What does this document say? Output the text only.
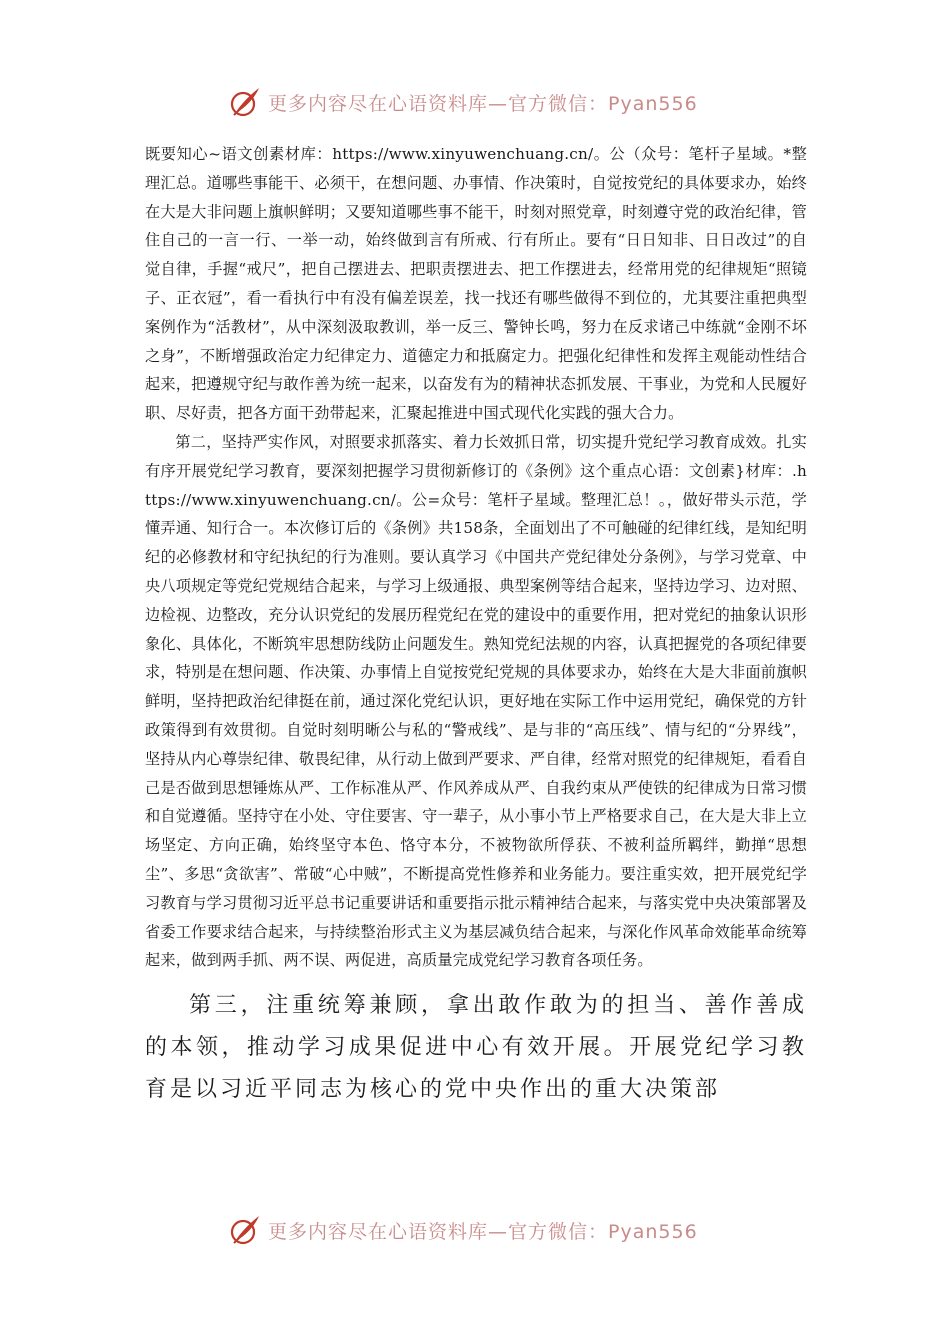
更多内容尽在心语资料库—官方微信：Pyan556

既要知心~语文创素材库：https://www.xinyuwenchuang.cn/。公（众号：笔杆子星域。*整理汇总。道哪些事能干、必须干，在想问题、办事情、作决策时，自觉按党纪的具体要求办，始终在大是大非问题上旗帜鲜明；又要知道哪些事不能干，时刻对照党章，时刻遵守党的政治纪律，管住自己的一言一行、一举一动，始终做到言有所戒、行有所止。要有“日日知非、日日改过”的自觉自律，手握“戒尺”，把自己摆进去、把职责摆进去、把工作摆进去，经常用党的纪律规矩“照镜子、正衣冠”，看一看执行中有没有偏差误差，找一找还有哪些做得不到位的，尤其要注重把典型案例作为“活教材”，从中深刻汲取教训，举一反三、警钟长鸣，努力在反求诸己中练就“金刚不坏之身”，不断增强政治定力纪律定力、道德定力和抵腐定力。把强化纪律性和发挥主观能动性结合起来，把遵规守纪与敢作善为统一起来，以奋发有为的精神状态抓发展、干事业，为党和人民履好职、尽好责，把各方面干劲带起来，汇聚起推进中国式现代化实践的强大合力。

第二，坚持严实作风，对照要求抓落实、着力长效抓日常，切实提升党纪学习教育成效。扎实有序开展党纪学习教育，要深刻把握学习贯彻新修订的《条例》这个重点心语：文创素}材库：.https://www.xinyuwenchuang.cn/。公=众号：笔杆子星域。整理汇总！。，做好带头示范，学懂弄通、知行合一。本次修订后的《条例》共158条，全面划出了不可触碰的纪律红线，是知纪明纪的必修教材和守纪执纪的行为准则。要认真学习《中国共产党纪律处分条例》，与学习党章、中央八项规定等党纪党规结合起来，与学习上级通报、典型案例等结合起来，坚持边学习、边对照、边检视、边整改，充分认识党纪的发展历程党纪在党的建设中的重要作用，把对党纪的抽象认识形象化、具体化，不断筑牢思想防线防止问题发生。熟知党纪法规的内容，认真把握党的各项纪律要求，特别是在想问题、作决策、办事情上自觉按党纪党规的具体要求办，始终在大是大非面前旗帜鲜明，坚持把政治纪律挺在前，通过深化党纪认识，更好地在实际工作中运用党纪，确保党的方针政策得到有效贯彻。自觉时刻明晰公与私的“警戒线”、是与非的“高压线”、情与纪的“分界线”，坚持从内心尊崇纪律、敬畏纪律，从行动上做到严要求、严自律，经常对照党的纪律规矩，看看自己是否做到思想锤炼从严、工作标准从严、作风养成从严、自我约束从严使铁的纪律成为日常习惯和自觉遵循。坚持守在小处、守住要害、守一辈子，从小事小节上严格要求自己，在大是大非上立场坚定、方向正确，始终坚守本色、恪守本分，不被物欲所俘获、不被利益所羁绊，勤掸“思想尘”、多思“贪欲害”、常破“心中贼”，不断提高党性修养和业务能力。要注重实效，把开展党纪学习教育与学习贯彻习近平总书记重要讲话和重要指示批示精神结合起来，与落实党中央决策部署及省委工作要求结合起来，与持续整治形式主义为基层减负结合起来，与深化作风革命效能革命统筹起来，做到两手抓、两不误、两促进，高质量完成党纪学习教育各项任务。

第三，注重统筹兼顾，拿出敢作敢为的担当、善作善成的本领，推动学习成果促进中心有效开展。开展党纪学习教育是以习近平同志为核心的党中央作出的重大决策部

更多内容尽在心语资料库—官方微信：Pyan556
